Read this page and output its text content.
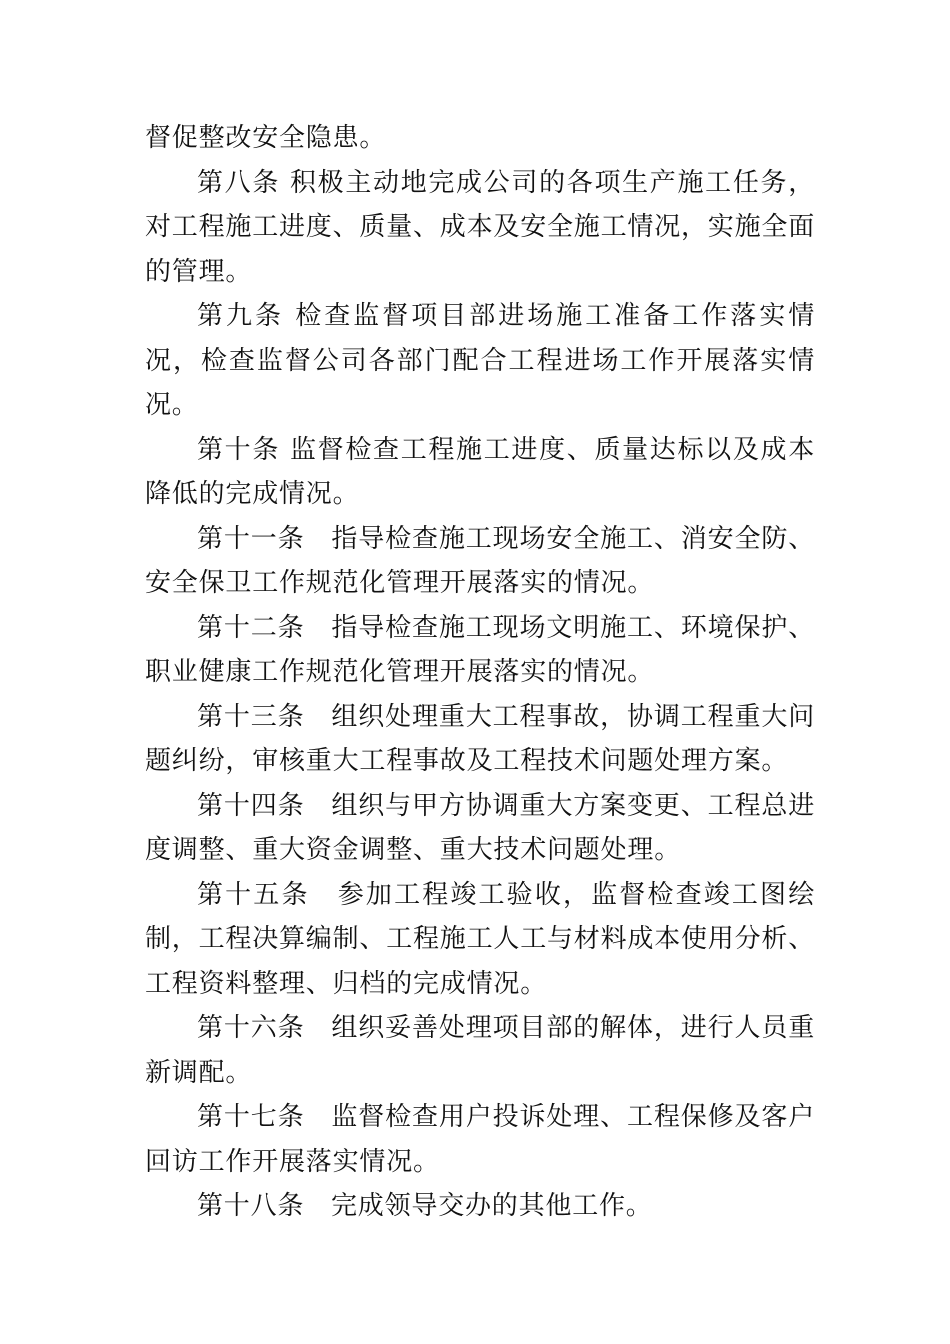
督促整改安全隐患。

第八条 积极主动地完成公司的各项生产施工任务，对工程施工进度、质量、成本及安全施工情况，实施全面的管理。

第九条 检查监督项目部进场施工准备工作落实情况，检查监督公司各部门配合工程进场工作开展落实情况。

第十条 监督检查工程施工进度、质量达标以及成本降低的完成情况。

第十一条　指导检查施工现场安全施工、消安全防、安全保卫工作规范化管理开展落实的情况。

第十二条　指导检查施工现场文明施工、环境保护、职业健康工作规范化管理开展落实的情况。

第十三条　组织处理重大工程事故，协调工程重大问题纠纷，审核重大工程事故及工程技术问题处理方案。

第十四条　组织与甲方协调重大方案变更、工程总进度调整、重大资金调整、重大技术问题处理。

第十五条　参加工程竣工验收，监督检查竣工图绘制，工程决算编制、工程施工人工与材料成本使用分析、工程资料整理、归档的完成情况。

第十六条　组织妥善处理项目部的解体，进行人员重新调配。

第十七条　监督检查用户投诉处理、工程保修及客户回访工作开展落实情况。

第十八条　完成领导交办的其他工作。
